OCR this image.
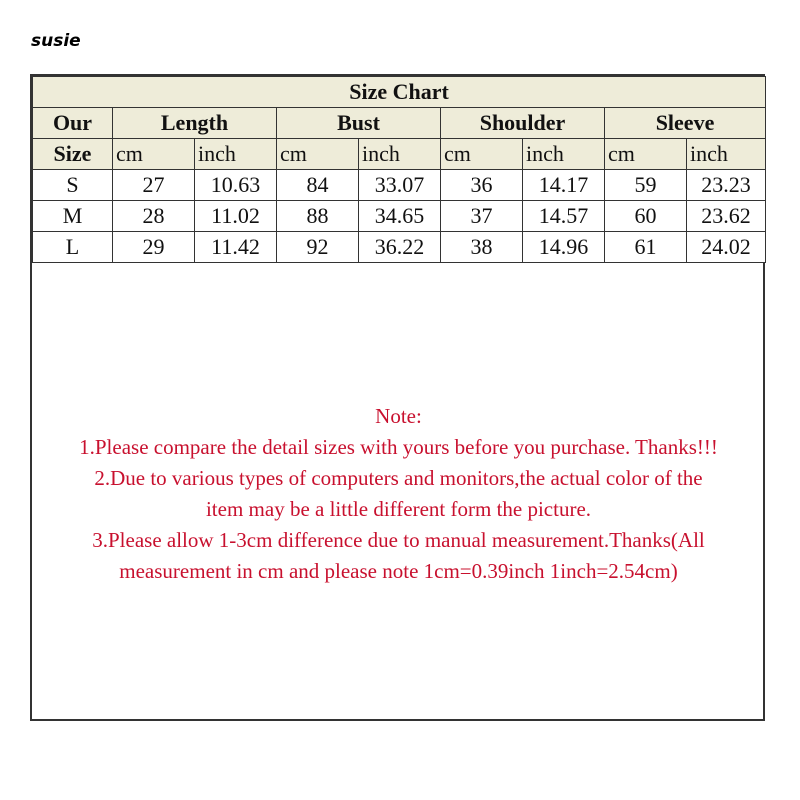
susie
Size Chart								
Our	Length		Bust		Shoulder		Sleeve	
Size	cm	inch	cm	inch	cm	inch	cm	inch
S	27	10.63	84	33.07	36	14.17	59	23.23
M	28	11.02	88	34.65	37	14.57	60	23.62
L	29	11.42	92	36.22	38	14.96	61	24.02
Note:
1.Please compare the detail sizes with yours before you purchase. Thanks!!!
2.Due to various types of computers and monitors,the actual color of the
item may be a little different form the picture.
3.Please allow 1-3cm difference due to manual measurement.Thanks(All
measurement in cm and please note 1cm=0.39inch 1inch=2.54cm)
